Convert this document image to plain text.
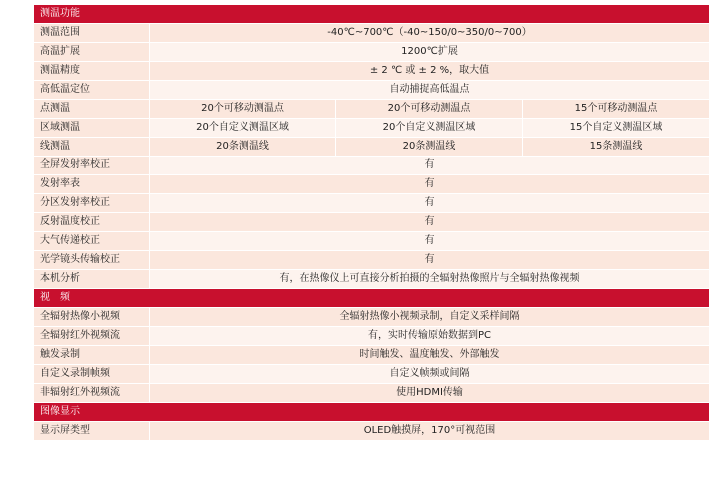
测温功能			
测温范围	-40℃~700℃（-40~150/0~350/0~700）		
高温扩展	1200℃扩展		
测温精度	± 2 ℃ 或 ± 2 %，取大值		
高低温定位	自动捕捉高低温点		
点测温	20个可移动测温点	20个可移动测温点	15个可移动测温点
区域测温	20个自定义测温区域	20个自定义测温区域	15个自定义测温区域
线测温	20条测温线	20条测温线	15条测温线
全屏发射率校正	有		
发射率表	有		
分区发射率校正	有		
反射温度校正	有		
大气传递校正	有		
光学镜头传输校正	有		
本机分析	有，在热像仪上可直接分析拍摄的全辐射热像照片与全辐射热像视频		
视　频			
全辐射热像小视频	全辐射热像小视频录制，自定义采样间隔		
全辐射红外视频流	有，实时传输原始数据到PC		
触发录制	时间触发、温度触发、外部触发		
自定义录制帧频	自定义帧频或间隔		
非辐射红外视频流	使用HDMI传输		
图像显示			
显示屏类型	OLED触摸屏，170°可视范围		
